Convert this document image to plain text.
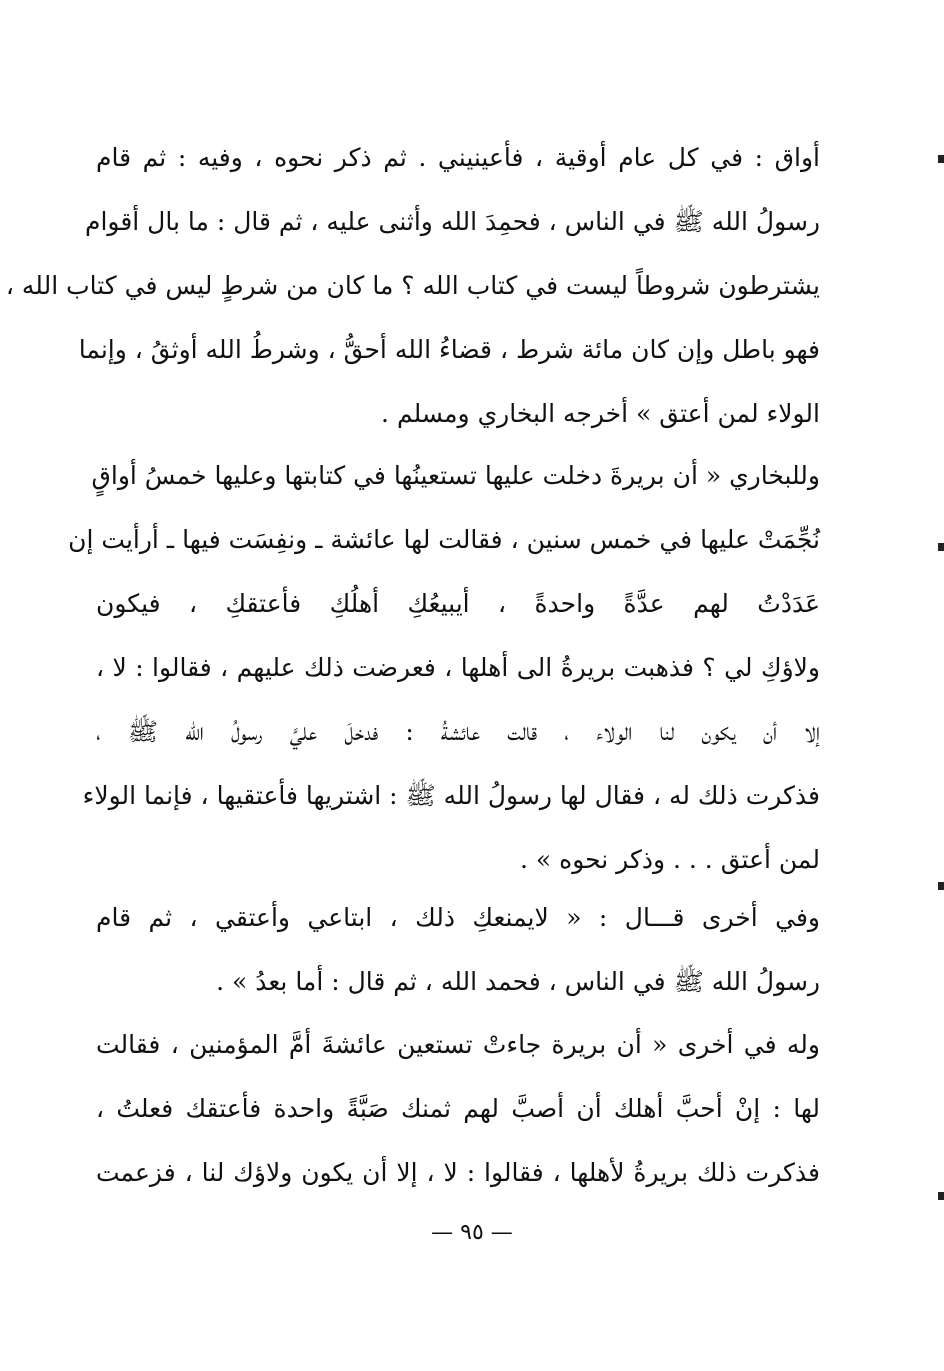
أواق : في كل عام أوقية ، فأعينيني . ثم ذكر نحوه ، وفيه : ثم قام
رسولُ الله ﷺ في الناس ، فحمِدَ الله وأثنى عليه ، ثم قال : ما بال أقوام
يشترطون شروطاً ليست في كتاب الله ؟ ما كان من شرطٍ ليس في كتاب الله ،
فهو باطل وإن كان مائة شرط ، قضاءُ الله أحقُّ ، وشرطُ الله أوثقُ ، وإنما
الولاء لمن أعتق » أخرجه البخاري ومسلم .
وللبخاري « أن بريرةَ دخلت عليها تستعينُها في كتابتها وعليها خمسُ أواقٍ
نُجِّمَتْ عليها في خمس سنين ، فقالت لها عائشة ـ ونفِسَت فيها ـ أرأيت إن
عَدَدْتُ لهم عدَّةً واحدةً ، أيبيعُكِ أهلُكِ فأعتقكِ ، فيكون
ولاؤكِ لي ؟ فذهبت بريرةُ الى أهلها ، فعرضت ذلك عليهم ، فقالوا : لا ،
إلا أن يكون لنا الولاء ، قالت عائشةُ : فدخلَ عليَّ رسولُ الله ﷺ ،
فذكرت ذلك له ، فقال لها رسولُ الله ﷺ : اشتريها فأعتقيها ، فإنما الولاء
لمن أعتق . . . وذكر نحوه » .
وفي أخرى قـــال : « لايمنعكِ ذلك ، ابتاعي وأعتقي ، ثم قام
رسولُ الله ﷺ في الناس ، فحمد الله ، ثم قال : أما بعدُ » .
وله في أخرى « أن بريرة جاءتْ تستعين عائشةَ أمَّ المؤمنين ، فقالت
لها : إنْ أحبَّ أهلك أن أصبَّ لهم ثمنك صَبَّةً واحدة فأعتقك فعلتُ ،
فذكرت ذلك بريرةُ لأهلها ، فقالوا : لا ، إلا أن يكون ولاؤك لنا ، فزعمت
— ٩٥ —
